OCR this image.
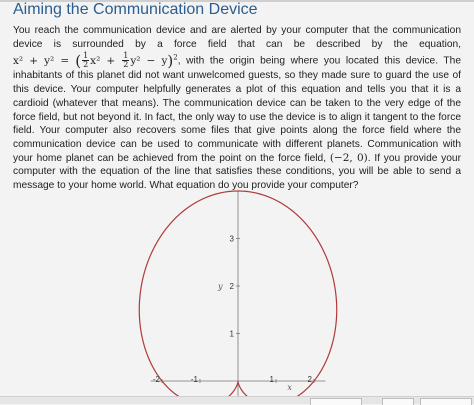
Aiming the Communication Device

You reach the communication device and are alerted by your computer that the communication device is surrounded by a force field that can be described by the equation, x² + y² = ( $\frac{1}{2} x^2 + \frac{1}{2} y^2 - y)^2$, with the origin being where you located this device. The inhabitants of this planet did not want unwelcomed guests, so they made sure to guard the use of this device. Your computer helpfully generates a plot of this equation and tells you that it is a cardioid (whatever that means). The communication device can be taken to the very edge of the force field, but not beyond it. In fact, the only way to use the device is to align it tangent to the force field. Your computer also recovers some files that give points along the force field where the communication device can be used to communicate with different planets. Communication with your home planet can be achieved from the point on the force field, (−2, 0). If you provide your computer with the equation of the line that satisfies these conditions, you will be able to send a message to your home world. What equation do you provide your computer?

-2	-1	1	2
1
2
3
x
y
